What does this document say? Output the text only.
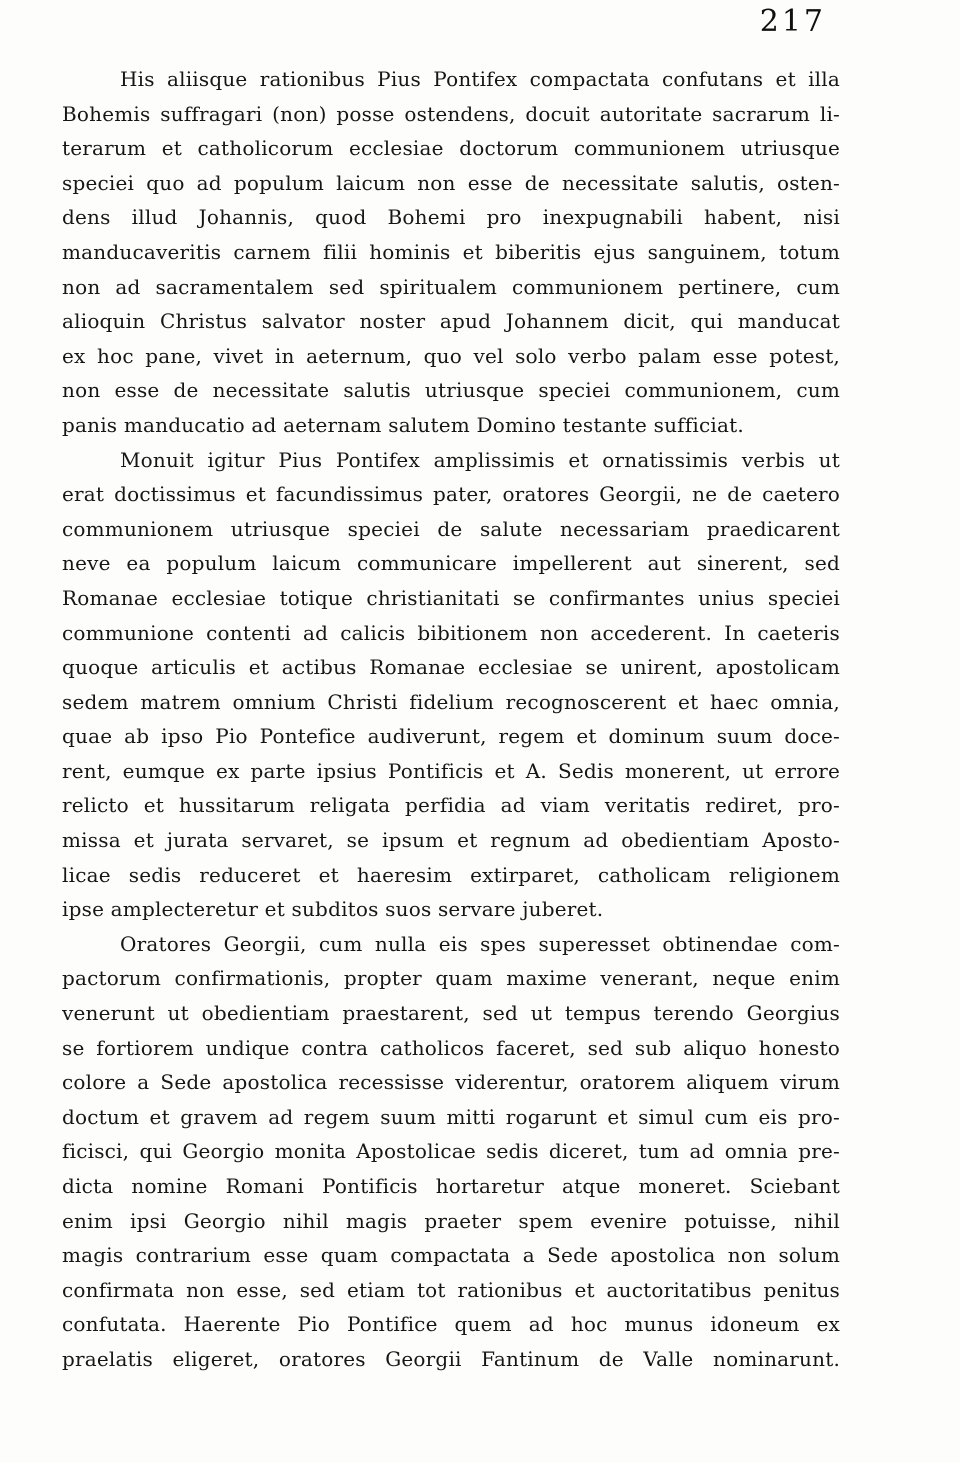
217
His aliisque rationibus Pius Pontifex compactata confutans et illa
Bohemis suffragari (non) posse ostendens, docuit autoritate sacrarum li-
terarum et catholicorum ecclesiae doctorum communionem utriusque
speciei quo ad populum laicum non esse de necessitate salutis, osten-
dens illud Johannis, quod Bohemi pro inexpugnabili habent, nisi
manducaveritis carnem filii hominis et biberitis ejus sanguinem, totum
non ad sacramentalem sed spiritualem communionem pertinere, cum
alioquin Christus salvator noster apud Johannem dicit, qui manducat
ex hoc pane, vivet in aeternum, quo vel solo verbo palam esse potest,
non esse de necessitate salutis utriusque speciei communionem, cum
panis manducatio ad aeternam salutem Domino testante sufficiat.
Monuit igitur Pius Pontifex amplissimis et ornatissimis verbis ut
erat doctissimus et facundissimus pater, oratores Georgii, ne de caetero
communionem utriusque speciei de salute necessariam praedicarent
neve ea populum laicum communicare impellerent aut sinerent, sed
Romanae ecclesiae totique christianitati se confirmantes unius speciei
communione contenti ad calicis bibitionem non accederent. In caeteris
quoque articulis et actibus Romanae ecclesiae se unirent, apostolicam
sedem matrem omnium Christi fidelium recognoscerent et haec omnia,
quae ab ipso Pio Pontefice audiverunt, regem et dominum suum doce-
rent, eumque ex parte ipsius Pontificis et A. Sedis monerent, ut errore
relicto et hussitarum religata perfidia ad viam veritatis rediret, pro-
missa et jurata servaret, se ipsum et regnum ad obedientiam Aposto-
licae sedis reduceret et haeresim extirparet, catholicam religionem
ipse amplecteretur et subditos suos servare juberet.
Oratores Georgii, cum nulla eis spes superesset obtinendae com-
pactorum confirmationis, propter quam maxime venerant, neque enim
venerunt ut obedientiam praestarent, sed ut tempus terendo Georgius
se fortiorem undique contra catholicos faceret, sed sub aliquo honesto
colore a Sede apostolica recessisse viderentur, oratorem aliquem virum
doctum et gravem ad regem suum mitti rogarunt et simul cum eis pro-
ficisci, qui Georgio monita Apostolicae sedis diceret, tum ad omnia pre-
dicta nomine Romani Pontificis hortaretur atque moneret. Sciebant
enim ipsi Georgio nihil magis praeter spem evenire potuisse, nihil
magis contrarium esse quam compactata a Sede apostolica non solum
confirmata non esse, sed etiam tot rationibus et auctoritatibus penitus
confutata. Haerente Pio Pontifice quem ad hoc munus idoneum ex
praelatis eligeret, oratores Georgii Fantinum de Valle nominarunt.
